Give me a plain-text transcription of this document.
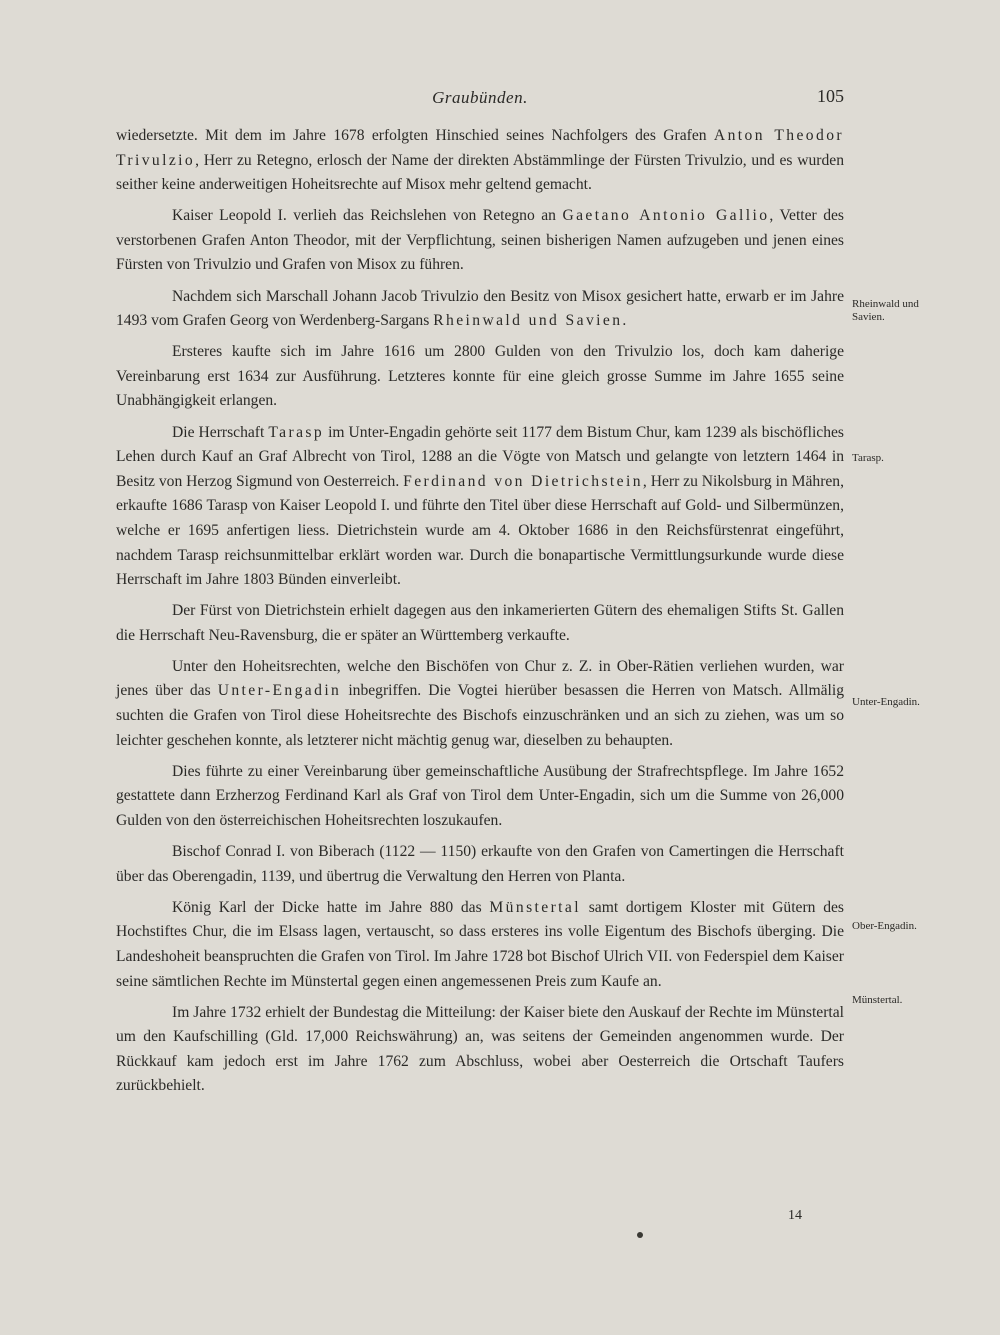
Graubünden.	105

wiedersetzte. Mit dem im Jahre 1678 erfolgten Hinschied seines Nachfolgers des Grafen Anton Theodor Trivulzio, Herr zu Retegno, erlosch der Name der direkten Abstämmlinge der Fürsten Trivulzio, und es wurden seither keine anderweitigen Hoheitsrechte auf Misox mehr geltend gemacht.

Kaiser Leopold I. verlieh das Reichslehen von Retegno an Gaetano Antonio Gallio, Vetter des verstorbenen Grafen Anton Theodor, mit der Verpflichtung, seinen bisherigen Namen aufzugeben und jenen eines Fürsten von Trivulzio und Grafen von Misox zu führen.

Nachdem sich Marschall Johann Jacob Trivulzio den Besitz von Misox gesichert hatte, erwarb er im Jahre 1493 vom Grafen Georg von Werdenberg-Sargans Rheinwald und Savien.

Ersteres kaufte sich im Jahre 1616 um 2800 Gulden von den Trivulzio los, doch kam daherige Vereinbarung erst 1634 zur Ausführung. Letzteres konnte für eine gleich grosse Summe im Jahre 1655 seine Unabhängigkeit erlangen.

Die Herrschaft Tarasp im Unter-Engadin gehörte seit 1177 dem Bistum Chur, kam 1239 als bischöfliches Lehen durch Kauf an Graf Albrecht von Tirol, 1288 an die Vögte von Matsch und gelangte von letztern 1464 in Besitz von Herzog Sigmund von Oesterreich. Ferdinand von Dietrichstein, Herr zu Nikolsburg in Mähren, erkaufte 1686 Tarasp von Kaiser Leopold I. und führte den Titel über diese Herrschaft auf Gold- und Silbermünzen, welche er 1695 anfertigen liess. Dietrichstein wurde am 4. Oktober 1686 in den Reichsfürstenrat eingeführt, nachdem Tarasp reichsunmittelbar erklärt worden war. Durch die bonapartische Vermittlungsurkunde wurde diese Herrschaft im Jahre 1803 Bünden einverleibt.

Der Fürst von Dietrichstein erhielt dagegen aus den inkamerierten Gütern des ehemaligen Stifts St. Gallen die Herrschaft Neu-Ravensburg, die er später an Württemberg verkaufte.

Unter den Hoheitsrechten, welche den Bischöfen von Chur z. Z. in Ober-Rätien verliehen wurden, war jenes über das Unter-Engadin inbegriffen. Die Vogtei hierüber besassen die Herren von Matsch. Allmälig suchten die Grafen von Tirol diese Hoheitsrechte des Bischofs einzuschränken und an sich zu ziehen, was um so leichter geschehen konnte, als letzterer nicht mächtig genug war, dieselben zu behaupten.

Dies führte zu einer Vereinbarung über gemeinschaftliche Ausübung der Strafrechtspflege. Im Jahre 1652 gestattete dann Erzherzog Ferdinand Karl als Graf von Tirol dem Unter-Engadin, sich um die Summe von 26,000 Gulden von den österreichischen Hoheitsrechten loszukaufen.

Bischof Conrad I. von Biberach (1122 — 1150) erkaufte von den Grafen von Camertingen die Herrschaft über das Oberengadin, 1139, und übertrug die Verwaltung den Herren von Planta.

König Karl der Dicke hatte im Jahre 880 das Münstertal samt dortigem Kloster mit Gütern des Hochstiftes Chur, die im Elsass lagen, vertauscht, so dass ersteres ins volle Eigentum des Bischofs überging. Die Landeshoheit beanspruchten die Grafen von Tirol. Im Jahre 1728 bot Bischof Ulrich VII. von Federspiel dem Kaiser seine sämtlichen Rechte im Münstertal gegen einen angemessenen Preis zum Kaufe an.

Im Jahre 1732 erhielt der Bundestag die Mitteilung: der Kaiser biete den Auskauf der Rechte im Münstertal um den Kaufschilling (Gld. 17,000 Reichswährung) an, was seitens der Gemeinden angenommen wurde. Der Rückkauf kam jedoch erst im Jahre 1762 zum Abschluss, wobei aber Oesterreich die Ortschaft Taufers zurückbehielt.

Rheinwald und Savien.
Tarasp.
Unter-Engadin.
Ober-Engadin.
Münstertal.
14
